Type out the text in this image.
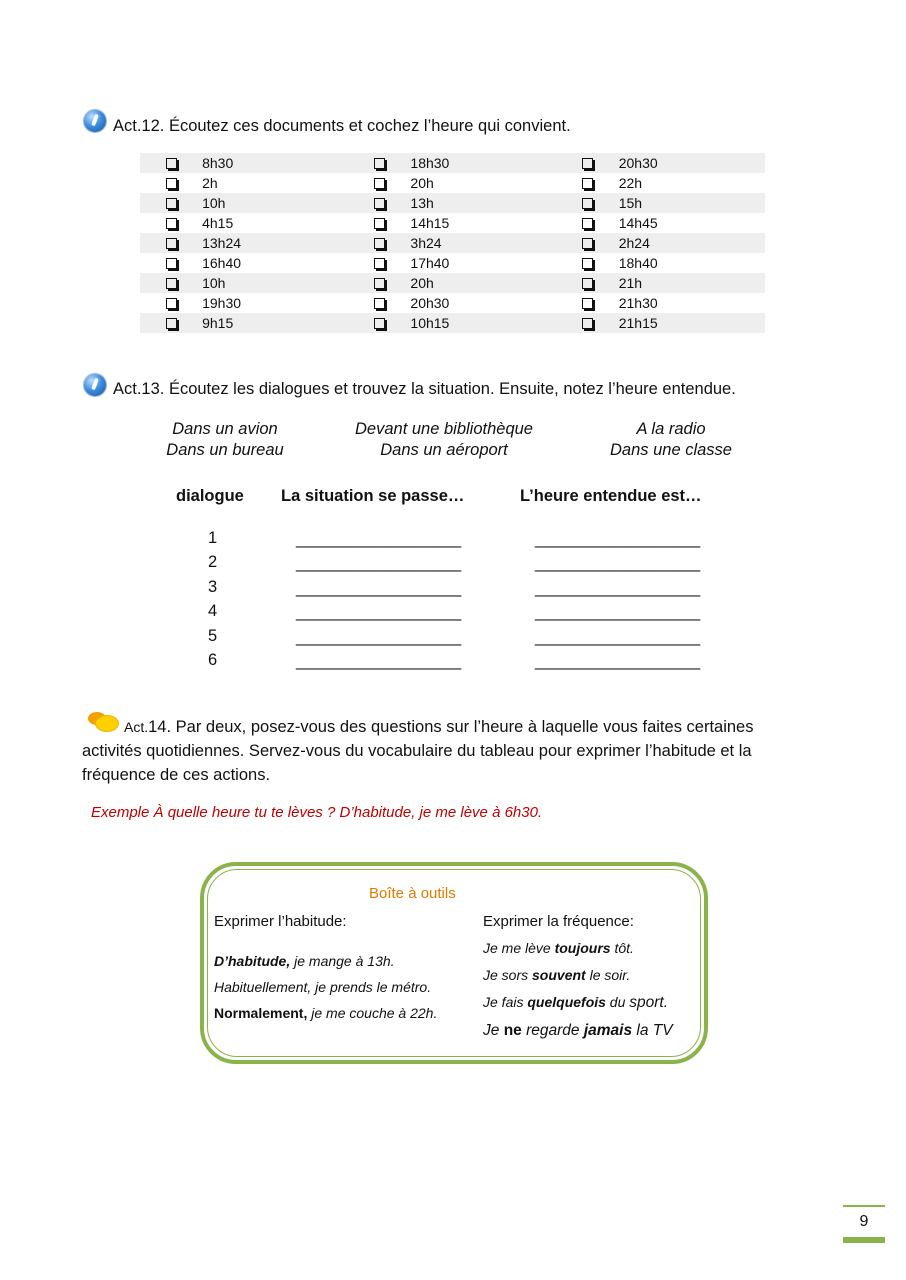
Act.12. Écoutez ces documents et cochez l’heure qui convient.
	8h30		18h30		20h30
	2h		20h		22h
	10h		13h		15h
	4h15		14h15		14h45
	13h24		3h24		2h24
	16h40		17h40		18h40
	10h		20h		21h
	19h30		20h30		21h30
	9h15		10h15		21h15
Act.13. Écoutez les dialogues et trouvez la situation. Ensuite, notez l’heure entendue.
Dans un avion
Dans un bureau
Devant une bibliothèque
Dans un aéroport
A la radio
Dans une classe
dialogue La situation se passe…	L’heure entendue est…
1	__________________	__________________
2	__________________	__________________
3	__________________	__________________
4	__________________	__________________
5	__________________	__________________
6	__________________	__________________
Act.14. Par deux, posez-vous des questions sur l’heure à laquelle vous faites certaines
activités quotidiennes. Servez-vous du vocabulaire du tableau pour exprimer l’habitude et la
fréquence de ces actions.
Exemple À quelle heure tu te lèves ? D’habitude, je me lève à 6h30.
Boîte à outils
Exprimer l’habitude:
D’habitude, je mange à 13h.
Habituellement, je prends le métro.
Normalement, je me couche à 22h.
Exprimer la fréquence:
Je me lève toujours tôt.
Je sors souvent le soir.
Je fais quelquefois du sport.
Je ne regarde jamais la TV
9
